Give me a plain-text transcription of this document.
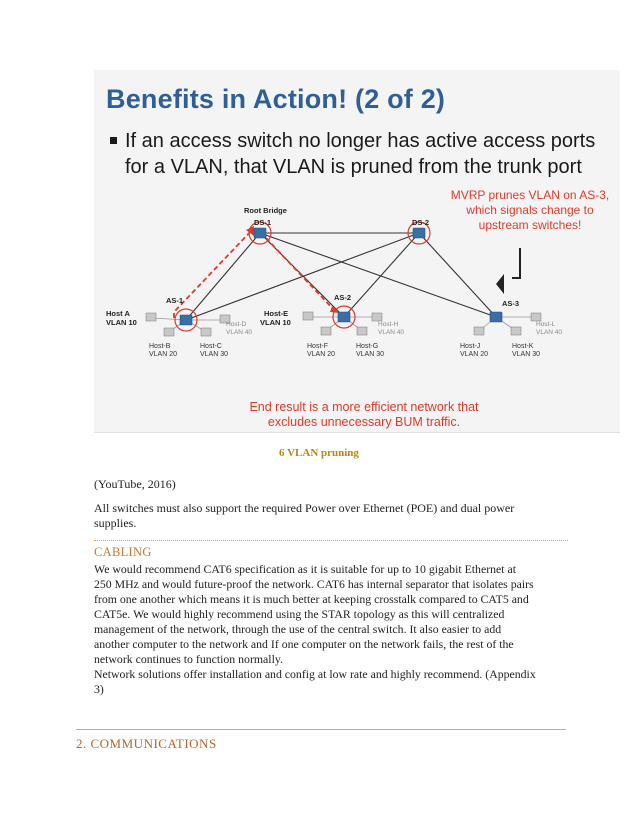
Benefits in Action! (2 of 2)
If an access switch no longer has active access ports
for a VLAN, that VLAN is pruned from the trunk port
MVRP prunes VLAN on AS-3,
which signals change to
upstream switches!
Root Bridge
DS-1	DS-2
AS-1	AS-2
AS-3
Host A
VLAN 10	Host-D
VLAN 40
Host-B
VLAN 20
Host-C
VLAN 30
Host-E
VLAN 10	Host-H
VLAN 40
Host-F
VLAN 20
Host-G
VLAN 30
Host-L
VLAN 40
Host-J
VLAN 20
Host-K
VLAN 30
End result is a more efficient network that
excludes unnecessary BUM traffic.
6 VLAN pruning
(YouTube, 2016)
All switches must also support the required Power over Ethernet (POE) and dual power
supplies.
CABLING
We would recommend CAT6 specification as it is suitable for up to 10 gigabit Ethernet at
250 MHz and would future-proof the network. CAT6 has internal separator that isolates pairs
from one another which means it is much better at keeping crosstalk compared to CAT5 and
CAT5e. We would highly recommend using the STAR topology as this will centralized
management of the network, through the use of the central switch. It also easier to add
another computer to the network and If one computer on the network fails, the rest of the
network continues to function normally.
Network solutions offer installation and config at low rate and highly recommend. (Appendix
3)
2. COMMUNICATIONS
